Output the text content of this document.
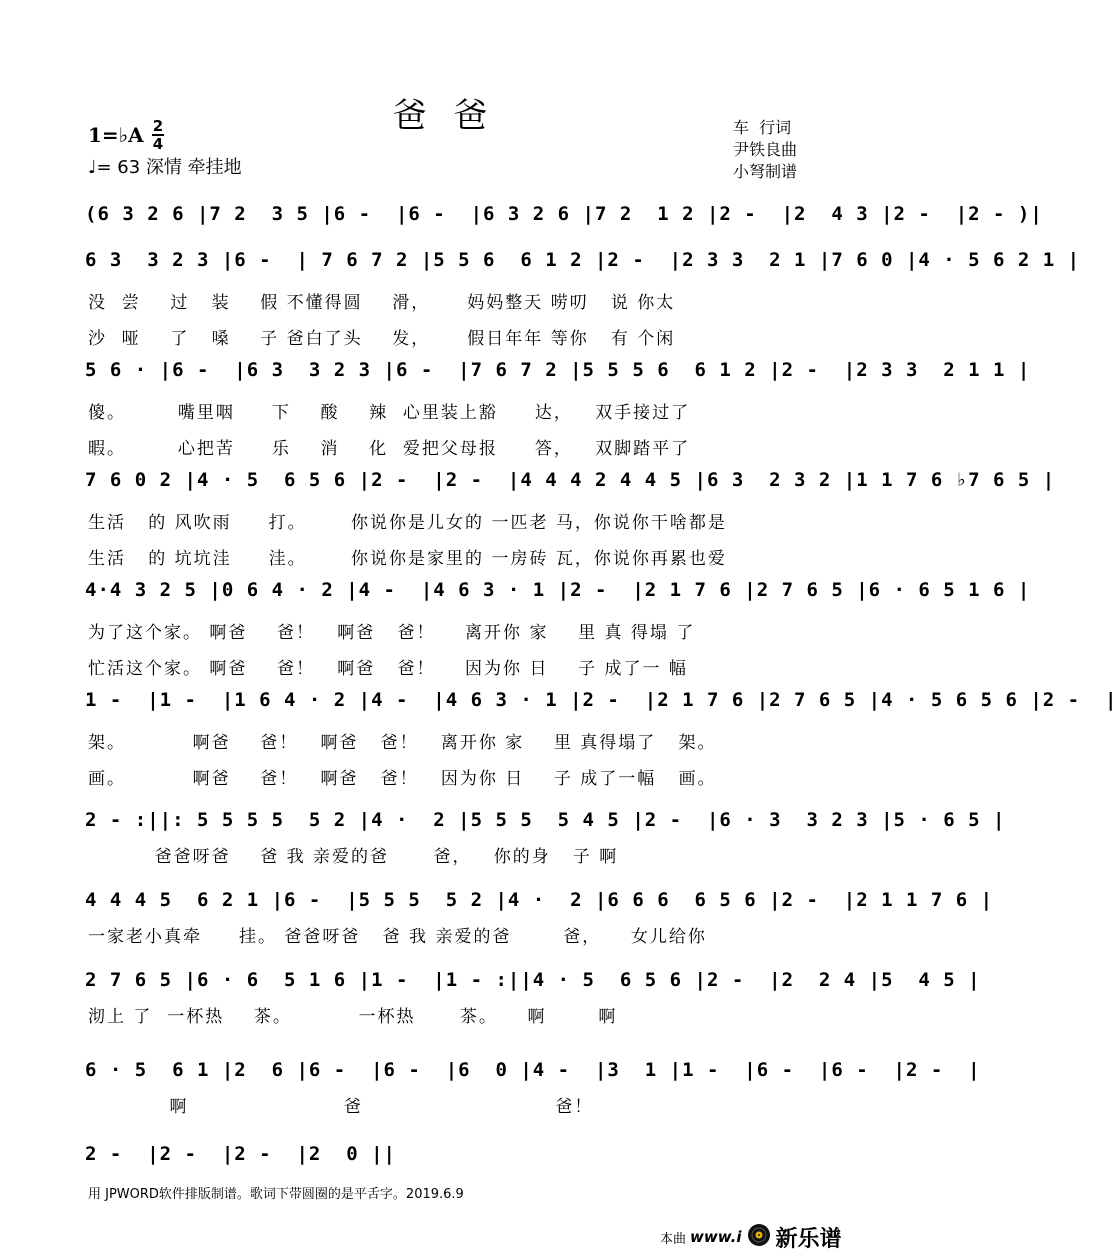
爸 爸
1=♭A 2
4
♩= 63 深情 牵挂地
车  行词
尹铁良曲
小弩制谱
(6 3 2 6 |7 2  3 5 |6 -  |6 -  |6 3 2 6 |7 2  1 2 |2 -  |2  4 3 |2 -  |2 - )|
6 3  3 2 3 |6 -  | 7 6 7 2 |5 5 6  6 1 2 |2 -  |2 3 3  2 1 |7 6 0 |4 · 5 6 2 1 |
没  尝    过   装    假 不懂得圆    滑，     妈妈整天 唠叨   说 你太
沙  哑    了   嗓    子 爸白了头    发，     假日年年 等你   有 个闲
5 6 · |6 -  |6 3  3 2 3 |6 -  |7 6 7 2 |5 5 5 6  6 1 2 |2 -  |2 3 3  2 1 1 |
傻。       嘴里咽     下    酸    辣  心里装上豁     达，   双手接过了
暇。       心把苦     乐    消    化  爱把父母报     答，   双脚踏平了
7 6 0 2 |4 · 5  6 5 6 |2 -  |2 -  |4 4 4 2 4 4 5 |6 3  2 3 2 |1 1 7 6 ♭7 6 5 |
生活   的 风吹雨     打。      你说你是儿女的 一匹老 马，你说你干啥都是
生活   的 坑坑洼     洼。      你说你是家里的 一房砖 瓦，你说你再累也爱
4·4 3 2 5 |0 6 4 · 2 |4 -  |4 6 3 · 1 |2 -  |2 1 7 6 |2 7 6 5 |6 · 6 5 1 6 |
为了这个家。 啊爸    爸！   啊爸   爸！    离开你 家    里 真 得塌 了
忙活这个家。 啊爸    爸！   啊爸   爸！    因为你 日    子 成了一 幅
1 -  |1 -  |1 6 4 · 2 |4 -  |4 6 3 · 1 |2 -  |2 1 7 6 |2 7 6 5 |4 · 5 6 5 6 |2 -  |
架。         啊爸    爸！   啊爸   爸！   离开你 家    里 真得塌了   架。
画。         啊爸    爸！   啊爸   爸！   因为你 日    子 成了一幅   画。
2 - :||: 5 5 5 5  5 2 |4 ·  2 |5 5 5  5 4 5 |2 -  |6 · 3  3 2 3 |5 · 6 5 |
爸爸呀爸    爸 我 亲爱的爸      爸，   你的身   子 啊
4 4 4 5  6 2 1 |6 -  |5 5 5  5 2 |4 ·  2 |6 6 6  6 5 6 |2 -  |2 1 1 7 6 |
一家老小真牵     挂。 爸爸呀爸   爸 我 亲爱的爸       爸，    女儿给你
2 7 6 5 |6 · 6  5 1 6 |1 -  |1 - :||4 · 5  6 5 6 |2 -  |2  2 4 |5  4 5 |
沏上 了  一杯热    茶。         一杯热      茶。    啊       啊
6 · 5  6 1 |2  6 |6 -  |6 -  |6  0 |4 -  |3  1 |1 -  |6 -  |6 -  |2 -  |
啊                     爸                          爸！
2 -  |2 -  |2 -  |2  0 ||
用 JPWORD软件排版制谱。歌词下带圆圈的是平舌字。2019.6.9
本曲 www.i 新乐谱
